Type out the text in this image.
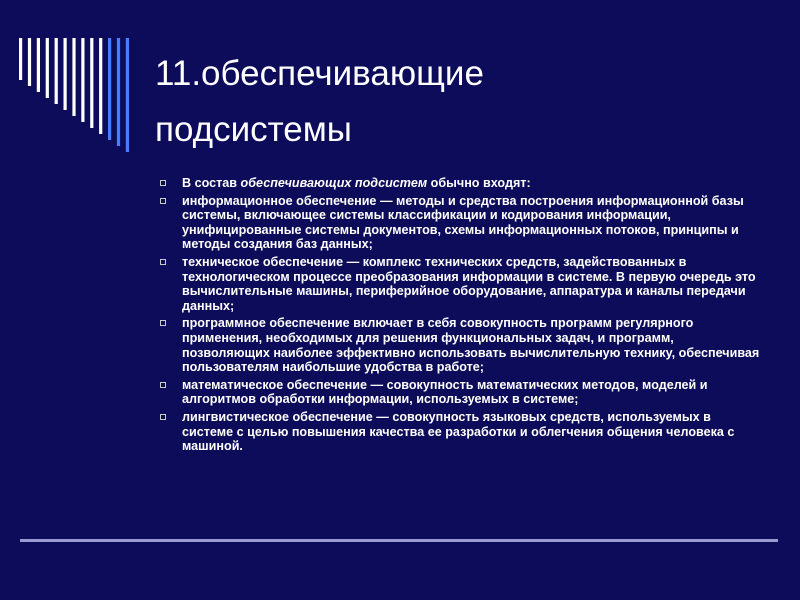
11.обеспечивающие
подсистемы
В состав обеспечивающих подсистем обычно входят:
информационное обеспечение — методы и средства построения информационной базы системы, включающее системы классификации и кодирования информации, унифицированные системы документов, схемы информационных потоков, принципы и методы создания баз данных;
техническое обеспечение — комплекс технических средств, задействованных в технологическом процессе преобразования информации в системе. В первую очередь это вычислительные машины, периферийное оборудование, аппаратура и каналы передачи данных;
программное обеспечение включает в себя совокупность программ регулярного применения, необходимых для решения функциональных задач, и программ, позволяющих наиболее эффективно использовать вычислительную технику, обеспечивая пользователям наибольшие удобства в работе;
математическое обеспечение — совокупность математических методов, моделей и алгоритмов обработки информации, используемых в системе;
лингвистическое обеспечение — совокупность языковых средств, используемых в системе с целью повышения качества ее разработки и облегчения общения человека с машиной.
